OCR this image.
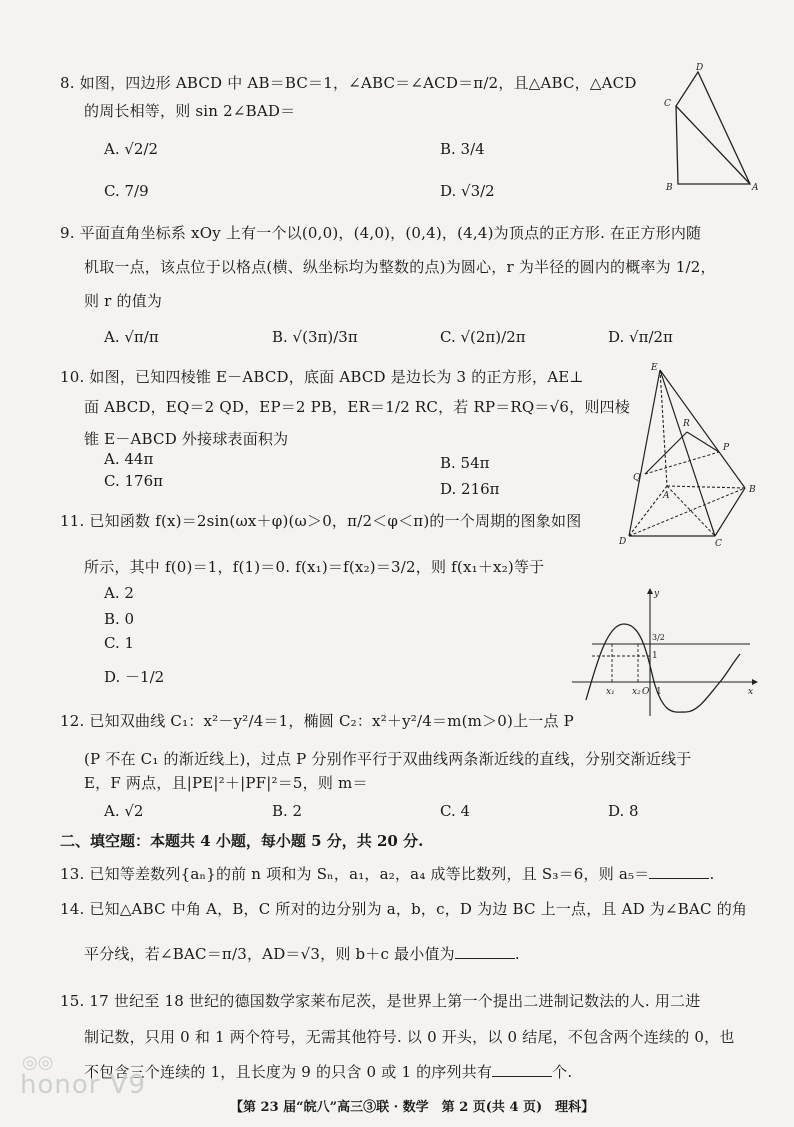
8. 如图，四边形 ABCD 中 AB＝BC＝1，∠ABC＝∠ACD＝π/2，且△ABC，△ACD
的周长相等，则 sin 2∠BAD＝
A. √2/2	B. 3/4
C. 7/9	D. √3/2
D
C
B	A
9. 平面直角坐标系 xOy 上有一个以(0,0)，(4,0)，(0,4)，(4,4)为顶点的正方形. 在正方形内随
机取一点，该点位于以格点(横、纵坐标均为整数的点)为圆心，r 为半径的圆内的概率为 1/2，
则 r 的值为
A. √π/π	B. √(3π)/3π	C. √(2π)/2π	D. √π/2π
10. 如图，已知四棱锥 E－ABCD，底面 ABCD 是边长为 3 的正方形，AE⊥
面 ABCD，EQ＝2 QD，EP＝2 PB，ER＝1/2 RC，若 RP＝RQ＝√6，则四棱
锥 E－ABCD 外接球表面积为
A. 44π	B. 54π
C. 176π	D. 216π
E
R
P
Q
A
B
D	C
11. 已知函数 f(x)＝2sin(ωx＋φ)(ω＞0，π/2＜φ＜π)的一个周期的图象如图
所示，其中 f(0)＝1，f(1)＝0. f(x₁)＝f(x₂)＝3/2，则 f(x₁＋x₂)等于
A. 2
B. 0
C. 1
D. －1/2
y
3/2
1
x₁ x₂ O 1	x
12. 已知双曲线 C₁：x²－y²/4＝1，椭圆 C₂：x²＋y²/4＝m(m＞0)上一点 P
(P 不在 C₁ 的渐近线上)，过点 P 分别作平行于双曲线两条渐近线的直线，分别交渐近线于
E，F 两点，且|PE|²＋|PF|²＝5，则 m＝
A. √2	B. 2	C. 4	D. 8
二、填空题：本题共 4 小题，每小题 5 分，共 20 分.
13. 已知等差数列{aₙ}的前 n 项和为 Sₙ，a₁，a₂，a₄ 成等比数列，且 S₃＝6，则 a₅＝	.
14. 已知△ABC 中角 A，B，C 所对的边分别为 a，b，c，D 为边 BC 上一点，且 AD 为∠BAC 的角
平分线，若∠BAC＝π/3，AD＝√3，则 b＋c 最小值为	.
15. 17 世纪至 18 世纪的德国数学家莱布尼茨，是世界上第一个提出二进制记数法的人. 用二进
制记数，只用 0 和 1 两个符号，无需其他符号. 以 0 开头，以 0 结尾，不包含两个连续的 0，也
不包含三个连续的 1，且长度为 9 的只含 0 或 1 的序列共有	个.
【第 23 届“皖八”高三③联 · 数学　第 2 页(共 4 页)　理科】
◎◎
honor V9
